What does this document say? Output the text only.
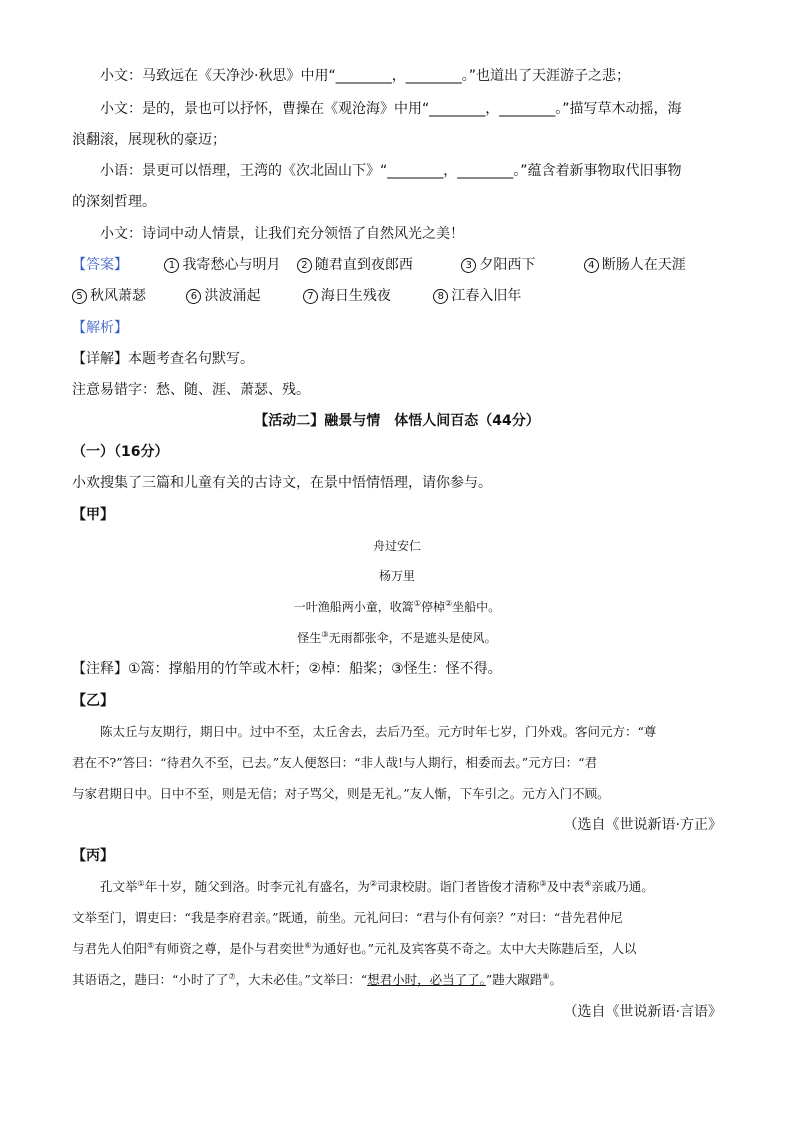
小文：马致远在《天净沙·秋思》中用“________，________。”也道出了天涯游子之悲；
小文：是的，景也可以抒怀，曹操在《观沧海》中用“________，________。”描写草木动摇，海
浪翻滚，展现秋的豪迈；
小语：景更可以悟理，王湾的《次北固山下》“________，________。”蕴含着新事物取代旧事物
的深刻哲理。
小文：诗词中动人情景，让我们充分领悟了自然风光之美！
【答案】	1 我寄愁心与明月 2 随君直到夜郎西	3 夕阳西下	4 断肠人在天涯
5 秋风萧瑟	6 洪波涌起	7 海日生残夜	8 江春入旧年
【解析】
【详解】本题考查名句默写。
注意易错字：愁、随、涯、萧瑟、残。
【活动二】融景与情　体悟人间百态（44分）
（一）（16分）
小欢搜集了三篇和儿童有关的古诗文，在景中悟情悟理，请你参与。
【甲】
舟过安仁
杨万里
一叶渔船两小童，收篙①停棹②坐船中。
怪生③无雨都张伞，不是遮头是使风。
【注释】①篙：撑船用的竹竿或木杆；②棹：船桨；③怪生：怪不得。
【乙】
陈太丘与友期行，期日中。过中不至，太丘舍去，去后乃至。元方时年七岁，门外戏。客问元方：“尊
君在不?”答曰：“待君久不至，已去。”友人便怒曰：“非人哉!与人期行，相委而去。”元方曰：“君
与家君期日中。日中不至，则是无信；对子骂父，则是无礼。”友人惭，下车引之。元方入门不顾。
（选自《世说新语·方正》
【丙】
孔文举①年十岁，随父到洛。时李元礼有盛名，为②司隶校尉。诣门者皆俊才清称③及中表④亲戚乃通。
文举至门，谓吏曰：“我是李府君亲。”既通，前坐。元礼问曰：“君与仆有何亲？”对曰：“昔先君仲尼
与君先人伯阳⑤有师资之尊，是仆与君奕世⑥为通好也。”元礼及宾客莫不奇之。太中大夫陈韪后至，人以
其语语之，韪曰：“小时了了⑦，大未必佳。”文举曰：“想君小时，必当了了。”韪大踧踖⑧。
（选自《世说新语·言语》
